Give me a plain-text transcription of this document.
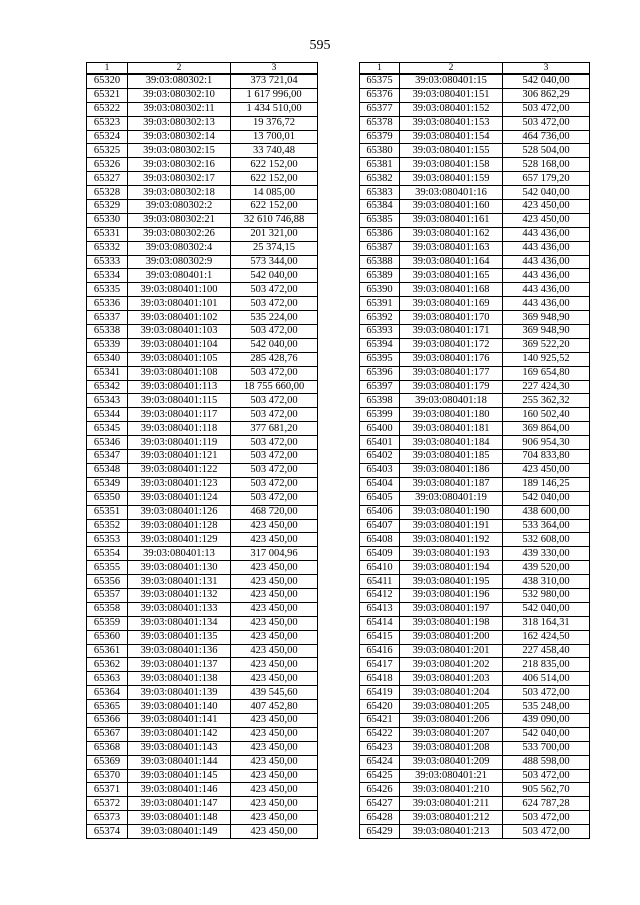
595
1	2	3
65320	39:03:080302:1	373 721,04
65321	39:03:080302:10	1 617 996,00
65322	39:03:080302:11	1 434 510,00
65323	39:03:080302:13	19 376,72
65324	39:03:080302:14	13 700,01
65325	39:03:080302:15	33 740,48
65326	39:03:080302:16	622 152,00
65327	39:03:080302:17	622 152,00
65328	39:03:080302:18	14 085,00
65329	39:03:080302:2	622 152,00
65330	39:03:080302:21	32 610 746,88
65331	39:03:080302:26	201 321,00
65332	39:03:080302:4	25 374,15
65333	39:03:080302:9	573 344,00
65334	39:03:080401:1	542 040,00
65335	39:03:080401:100	503 472,00
65336	39:03:080401:101	503 472,00
65337	39:03:080401:102	535 224,00
65338	39:03:080401:103	503 472,00
65339	39:03:080401:104	542 040,00
65340	39:03:080401:105	285 428,76
65341	39:03:080401:108	503 472,00
65342	39:03:080401:113	18 755 660,00
65343	39:03:080401:115	503 472,00
65344	39:03:080401:117	503 472,00
65345	39:03:080401:118	377 681,20
65346	39:03:080401:119	503 472,00
65347	39:03:080401:121	503 472,00
65348	39:03:080401:122	503 472,00
65349	39:03:080401:123	503 472,00
65350	39:03:080401:124	503 472,00
65351	39:03:080401:126	468 720,00
65352	39:03:080401:128	423 450,00
65353	39:03:080401:129	423 450,00
65354	39:03:080401:13	317 004,96
65355	39:03:080401:130	423 450,00
65356	39:03:080401:131	423 450,00
65357	39:03:080401:132	423 450,00
65358	39:03:080401:133	423 450,00
65359	39:03:080401:134	423 450,00
65360	39:03:080401:135	423 450,00
65361	39:03:080401:136	423 450,00
65362	39:03:080401:137	423 450,00
65363	39:03:080401:138	423 450,00
65364	39:03:080401:139	439 545,60
65365	39:03:080401:140	407 452,80
65366	39:03:080401:141	423 450,00
65367	39:03:080401:142	423 450,00
65368	39:03:080401:143	423 450,00
65369	39:03:080401:144	423 450,00
65370	39:03:080401:145	423 450,00
65371	39:03:080401:146	423 450,00
65372	39:03:080401:147	423 450,00
65373	39:03:080401:148	423 450,00
65374	39:03:080401:149	423 450,00
1	2	3
65375	39:03:080401:15	542 040,00
65376	39:03:080401:151	306 862,29
65377	39:03:080401:152	503 472,00
65378	39:03:080401:153	503 472,00
65379	39:03:080401:154	464 736,00
65380	39:03:080401:155	528 504,00
65381	39:03:080401:158	528 168,00
65382	39:03:080401:159	657 179,20
65383	39:03:080401:16	542 040,00
65384	39:03:080401:160	423 450,00
65385	39:03:080401:161	423 450,00
65386	39:03:080401:162	443 436,00
65387	39:03:080401:163	443 436,00
65388	39:03:080401:164	443 436,00
65389	39:03:080401:165	443 436,00
65390	39:03:080401:168	443 436,00
65391	39:03:080401:169	443 436,00
65392	39:03:080401:170	369 948,90
65393	39:03:080401:171	369 948,90
65394	39:03:080401:172	369 522,20
65395	39:03:080401:176	140 925,52
65396	39:03:080401:177	169 654,80
65397	39:03:080401:179	227 424,30
65398	39:03:080401:18	255 362,32
65399	39:03:080401:180	160 502,40
65400	39:03:080401:181	369 864,00
65401	39:03:080401:184	906 954,30
65402	39:03:080401:185	704 833,80
65403	39:03:080401:186	423 450,00
65404	39:03:080401:187	189 146,25
65405	39:03:080401:19	542 040,00
65406	39:03:080401:190	438 600,00
65407	39:03:080401:191	533 364,00
65408	39:03:080401:192	532 608,00
65409	39:03:080401:193	439 330,00
65410	39:03:080401:194	439 520,00
65411	39:03:080401:195	438 310,00
65412	39:03:080401:196	532 980,00
65413	39:03:080401:197	542 040,00
65414	39:03:080401:198	318 164,31
65415	39:03:080401:200	162 424,50
65416	39:03:080401:201	227 458,40
65417	39:03:080401:202	218 835,00
65418	39:03:080401:203	406 514,00
65419	39:03:080401:204	503 472,00
65420	39:03:080401:205	535 248,00
65421	39:03:080401:206	439 090,00
65422	39:03:080401:207	542 040,00
65423	39:03:080401:208	533 700,00
65424	39:03:080401:209	488 598,00
65425	39:03:080401:21	503 472,00
65426	39:03:080401:210	905 562,70
65427	39:03:080401:211	624 787,28
65428	39:03:080401:212	503 472,00
65429	39:03:080401:213	503 472,00
